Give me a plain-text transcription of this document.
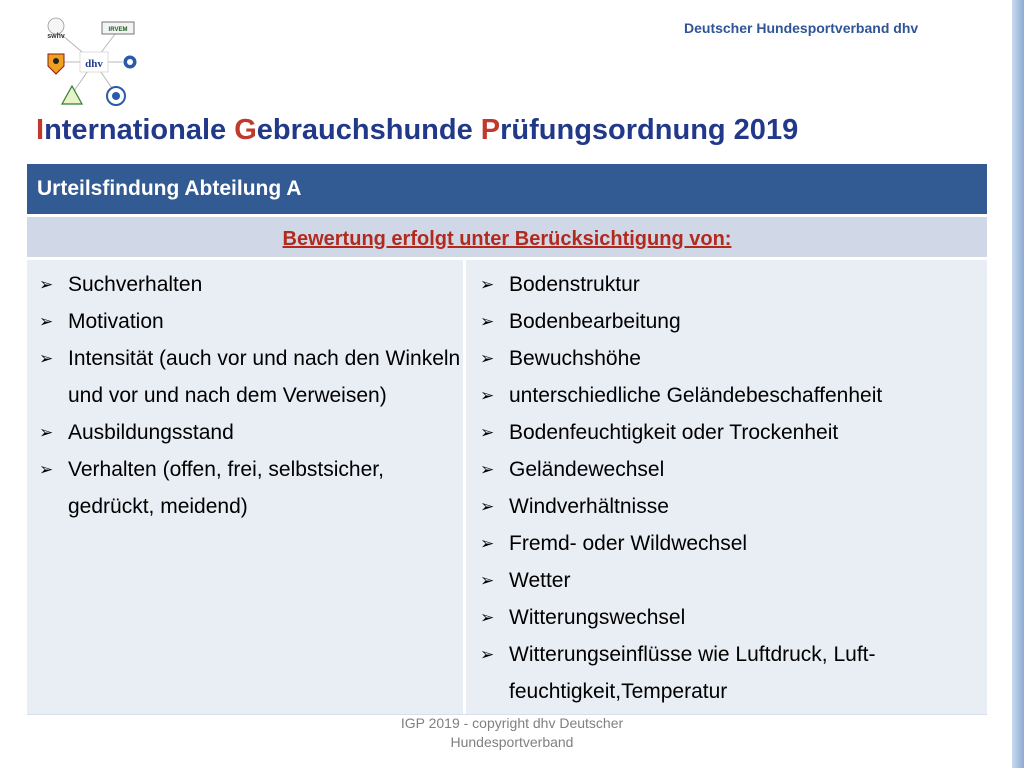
Deutscher Hundesportverband dhv
swhv
IRVEM
dhv
Internationale Gebrauchshunde Prüfungsordnung 2019
Urteilsfindung Abteilung A
Bewertung erfolgt unter Berücksichtigung von:
➢ Suchverhalten
➢ Motivation
➢ Intensität (auch vor und nach den Winkeln und vor und nach dem Verweisen)
➢ Ausbildungsstand
➢ Verhalten (offen, frei, selbstsicher, gedrückt, meidend)
➢ Bodenstruktur
➢ Bodenbearbeitung
➢ Bewuchshöhe
➢ unterschiedliche Geländebeschaffenheit
➢ Bodenfeuchtigkeit oder Trockenheit
➢ Geländewechsel
➢ Windverhältnisse
➢ Fremd- oder Wildwechsel
➢ Wetter
➢ Witterungswechsel
➢ Witterungseinflüsse wie Luftdruck, Luft-feuchtigkeit,Temperatur
IGP 2019 - copyright dhv Deutscher
Hundesportverband
